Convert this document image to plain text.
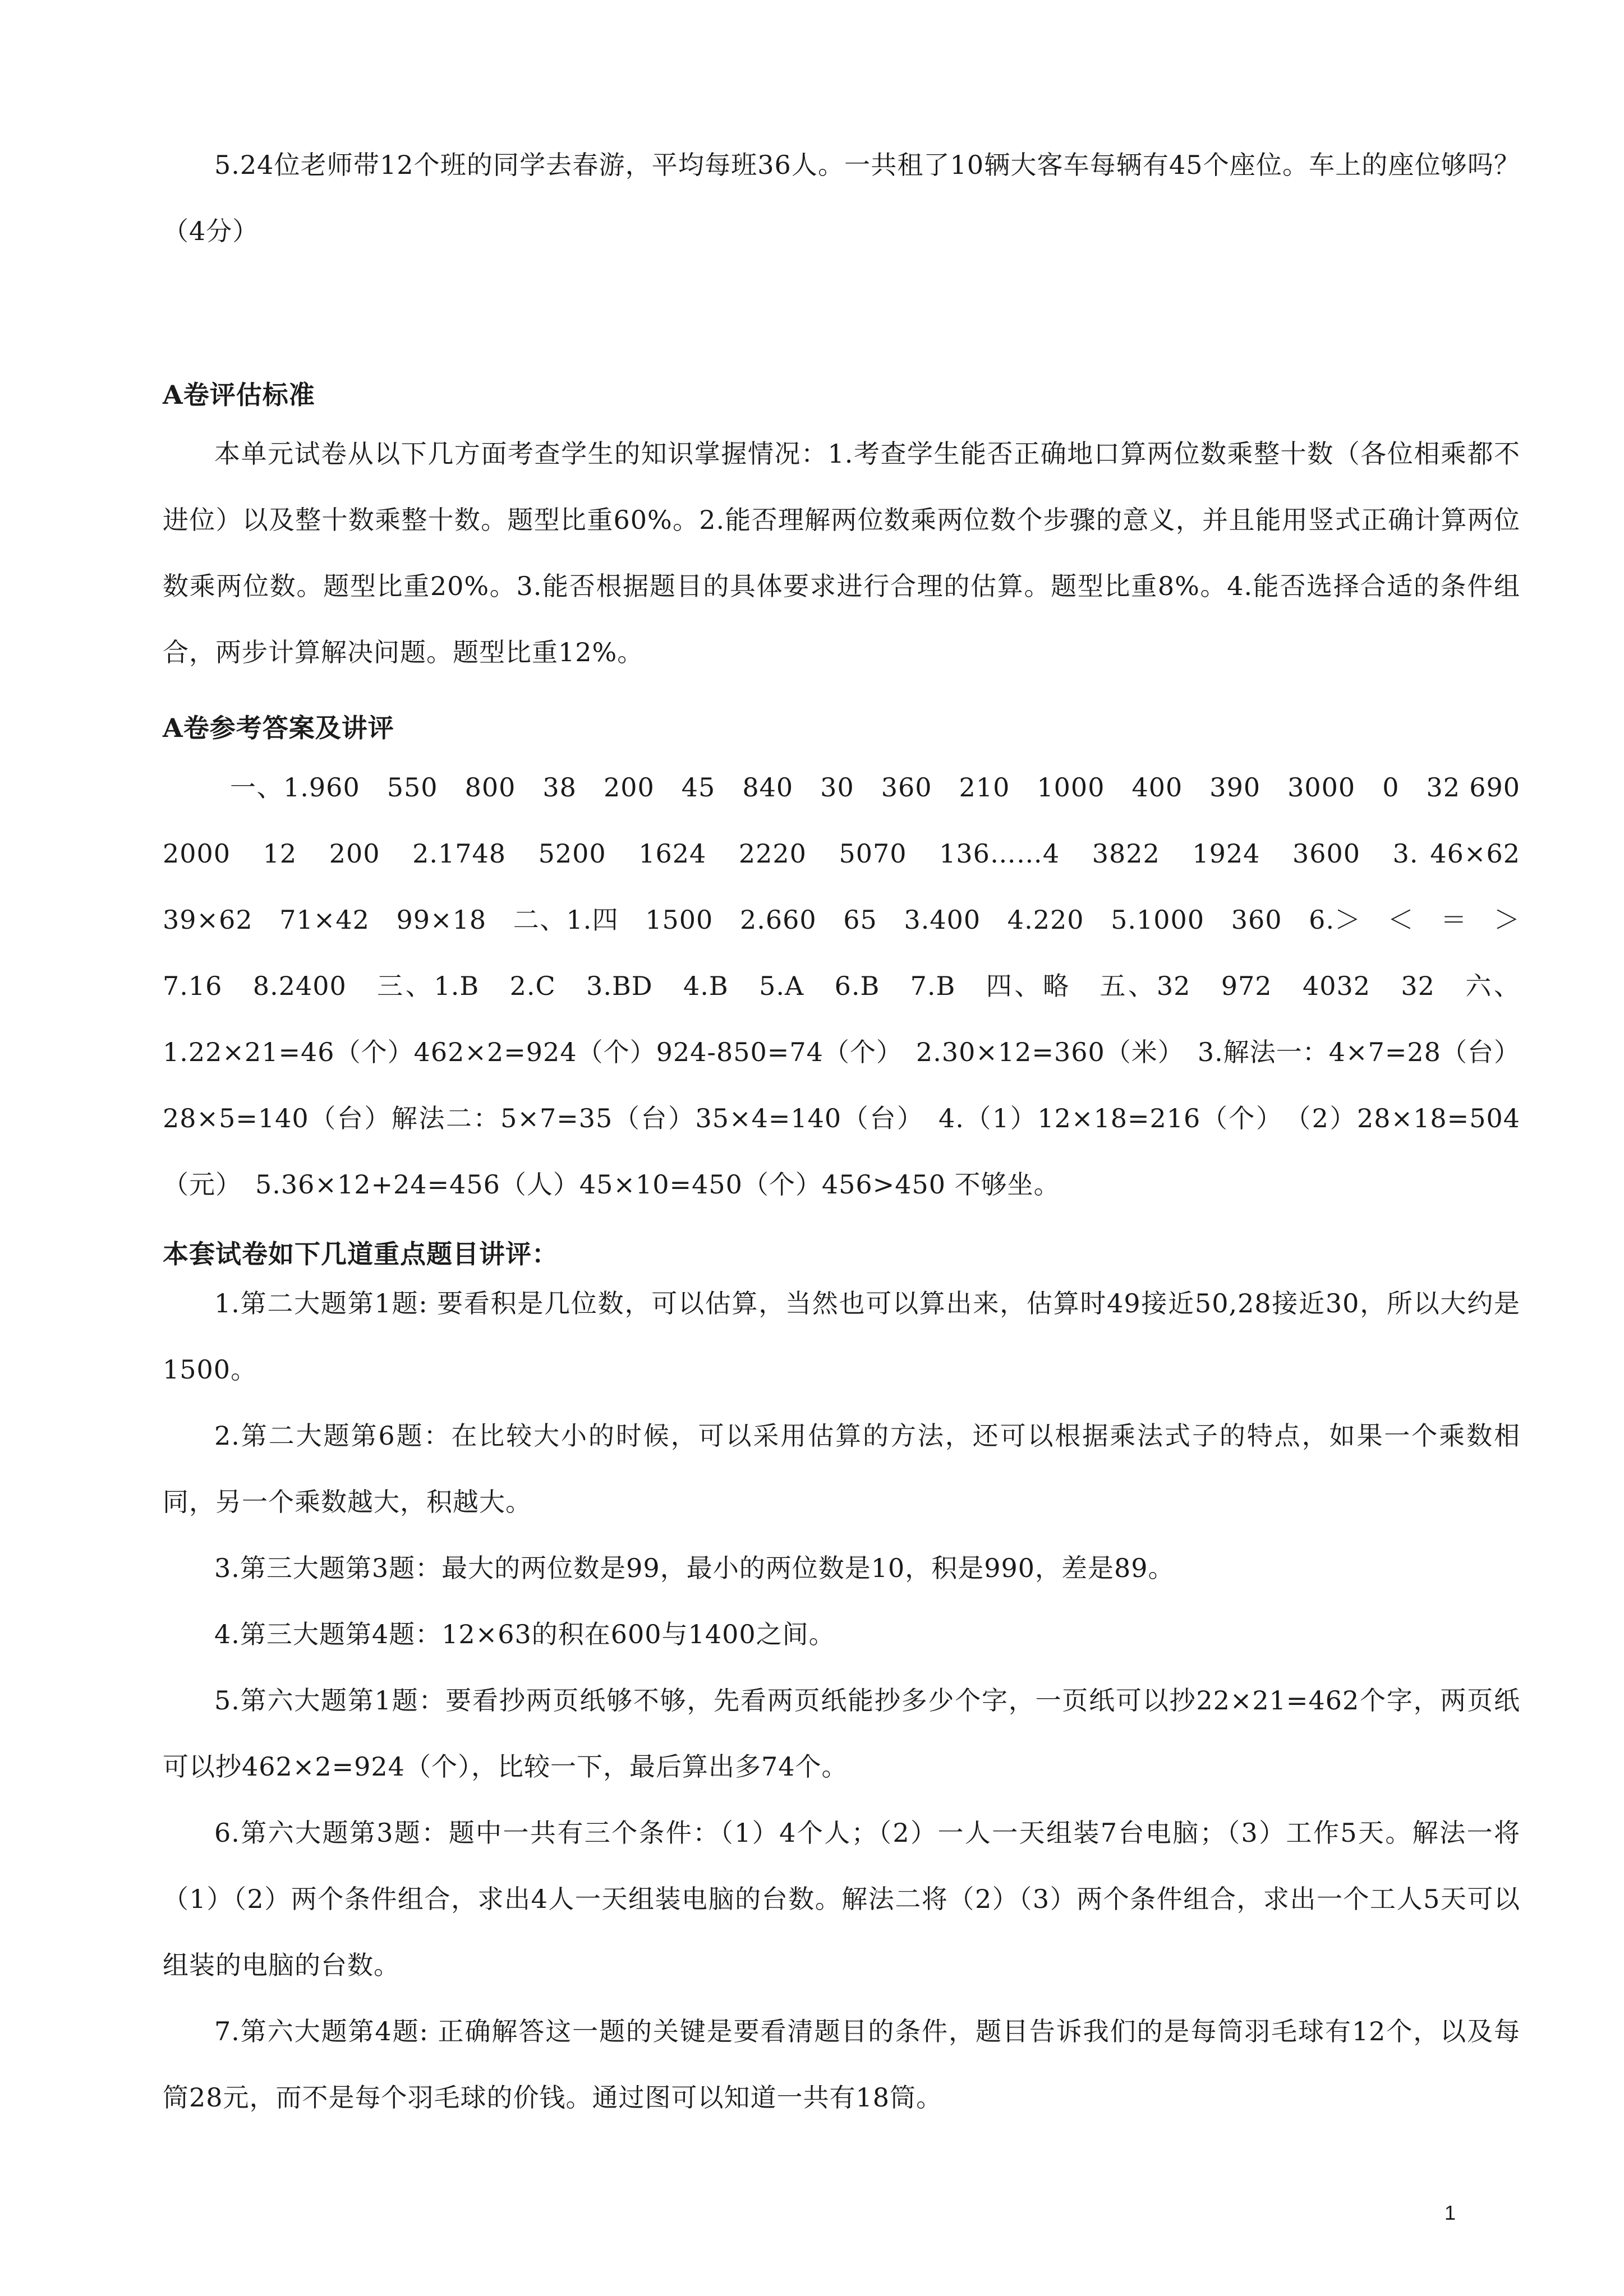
5.24位老师带12个班的同学去春游，平均每班36人。一共租了10辆大客车每辆有45个座位。车上的座位够吗？（4分）

A卷评估标准

本单元试卷从以下几方面考查学生的知识掌握情况：1.考查学生能否正确地口算两位数乘整十数（各位相乘都不进位）以及整十数乘整十数。题型比重60%。2.能否理解两位数乘两位数个步骤的意义，并且能用竖式正确计算两位数乘两位数。题型比重20%。3.能否根据题目的具体要求进行合理的估算。题型比重8%。4.能否选择合适的条件组合，两步计算解决问题。题型比重12%。

A卷参考答案及讲评

一、1.960　550　800　38　200　45　840　30　360　210　1000　400　390　3000　0　32 690　2000　12　200　2.1748　5200　1624　2220　5070　136……4　3822　1924　3600　3. 46×62　39×62　71×42　99×18　二、1.四　1500　2.660　65　3.400　4.220　5.1000　360　6.＞　＜　＝　＞　7.16　8.2400　三、1.B　2.C　3.BD　4.B　5.A　6.B　7.B　四、略　五、32　972　4032　32　六、1.22×21=46（个）462×2=924（个）924-850=74（个）　2.30×12=360（米）　3.解法一：4×7=28（台）28×5=140（台）解法二：5×7=35（台）35×4=140（台）　4.（1）12×18=216（个）　（2）28×18=504（元）　5.36×12+24=456（人）45×10=450（个）456>450 不够坐。

本套试卷如下几道重点题目讲评：

1.第二大题第1题: 要看积是几位数，可以估算，当然也可以算出来，估算时49接近50,28接近30，所以大约是1500。

2.第二大题第6题：在比较大小的时候，可以采用估算的方法，还可以根据乘法式子的特点，如果一个乘数相同，另一个乘数越大，积越大。

3.第三大题第3题：最大的两位数是99，最小的两位数是10，积是990，差是89。

4.第三大题第4题：12×63的积在600与1400之间。

5.第六大题第1题：要看抄两页纸够不够，先看两页纸能抄多少个字，一页纸可以抄22×21=462个字，两页纸可以抄462×2=924（个），比较一下，最后算出多74个。

6.第六大题第3题：题中一共有三个条件：（1）4个人；（2）一人一天组装7台电脑；（3）工作5天。解法一将（1）（2）两个条件组合，求出4人一天组装电脑的台数。解法二将（2）（3）两个条件组合，求出一个工人5天可以组装的电脑的台数。

7.第六大题第4题: 正确解答这一题的关键是要看清题目的条件，题目告诉我们的是每筒羽毛球有12个，以及每筒28元，而不是每个羽毛球的价钱。通过图可以知道一共有18筒。

1
